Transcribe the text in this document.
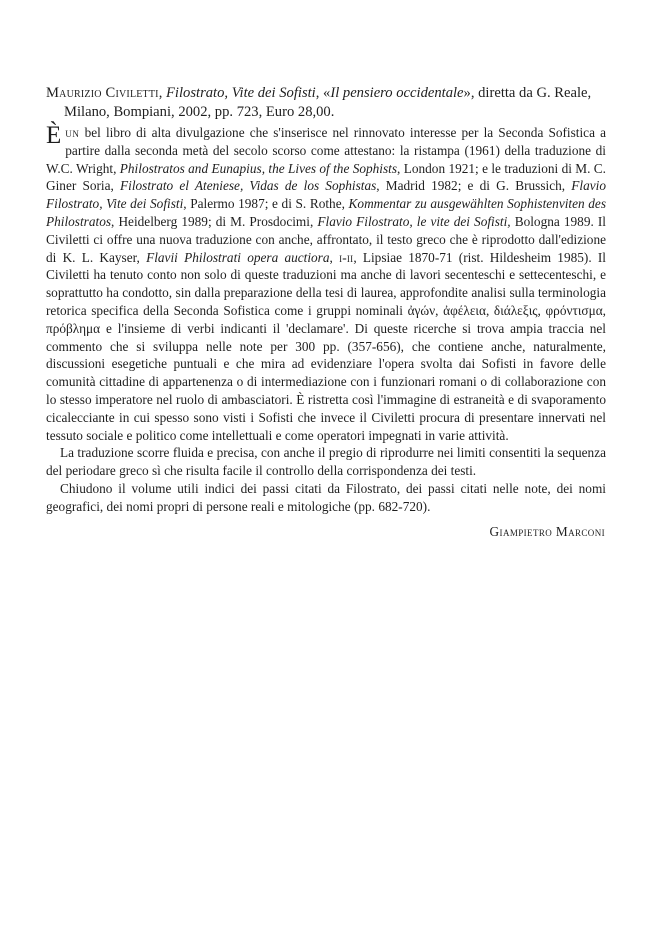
Maurizio Civiletti, Filostrato, Vite dei Sofisti, «Il pensiero occidentale», diretta da G. Reale, Milano, Bompiani, 2002, pp. 723, Euro 28,00.

Èun bel libro di alta divulgazione che s'inserisce nel rinnovato interesse per la Seconda Sofistica a partire dalla seconda metà del secolo scorso come attestano: la ristampa (1961) della traduzione di W.C. Wright, Philostratos and Eunapius, the Lives of the Sophists, London 1921; e le traduzioni di M. C. Giner Soria, Filostrato el Ateniese, Vidas de los Sophistas, Madrid 1982; e di G. Brussich, Flavio Filostrato, Vite dei Sofisti, Palermo 1987; e di S. Rothe, Kommentar zu ausgewählten Sophistenviten des Philostratos, Heidelberg 1989; di M. Prosdocimi, Flavio Filostrato, le vite dei Sofisti, Bologna 1989. Il Civiletti ci offre una nuova traduzione con anche, affrontato, il testo greco che è riprodotto dall'edizione di K. L. Kayser, Flavii Philostrati opera auctiora, i-ii, Lipsiae 1870-71 (rist. Hildesheim 1985). Il Civiletti ha tenuto conto non solo di queste traduzioni ma anche di lavori secenteschi e settecenteschi, e soprattutto ha condotto, sin dalla preparazione della tesi di laurea, approfondite analisi sulla terminologia retorica specifica della Seconda Sofistica come i gruppi nominali ἀγών, ἀφέλεια, διάλεξις, φρόντισμα, πρόβλημα e l'insieme di verbi indicanti il 'declamare'. Di queste ricerche si trova ampia traccia nel commento che si sviluppa nelle note per 300 pp. (357-656), che contiene anche, naturalmente, discussioni esegetiche puntuali e che mira ad evidenziare l'opera svolta dai Sofisti in favore delle comunità cittadine di appartenenza o di intermediazione con i funzionari romani o di collaborazione con lo stesso imperatore nel ruolo di ambasciatori. È ristretta così l'immagine di estraneità e di svaporamento cicalecciante in cui spesso sono visti i Sofisti che invece il Civiletti procura di presentare innervati nel tessuto sociale e politico come intellettuali e come operatori impegnati in varie attività.

La traduzione scorre fluida e precisa, con anche il pregio di riprodurre nei limiti consentiti la sequenza del periodare greco sì che risulta facile il controllo della corrispondenza dei testi.

Chiudono il volume utili indici dei passi citati da Filostrato, dei passi citati nelle note, dei nomi geografici, dei nomi propri di persone reali e mitologiche (pp. 682-720).

Giampietro Marconi
